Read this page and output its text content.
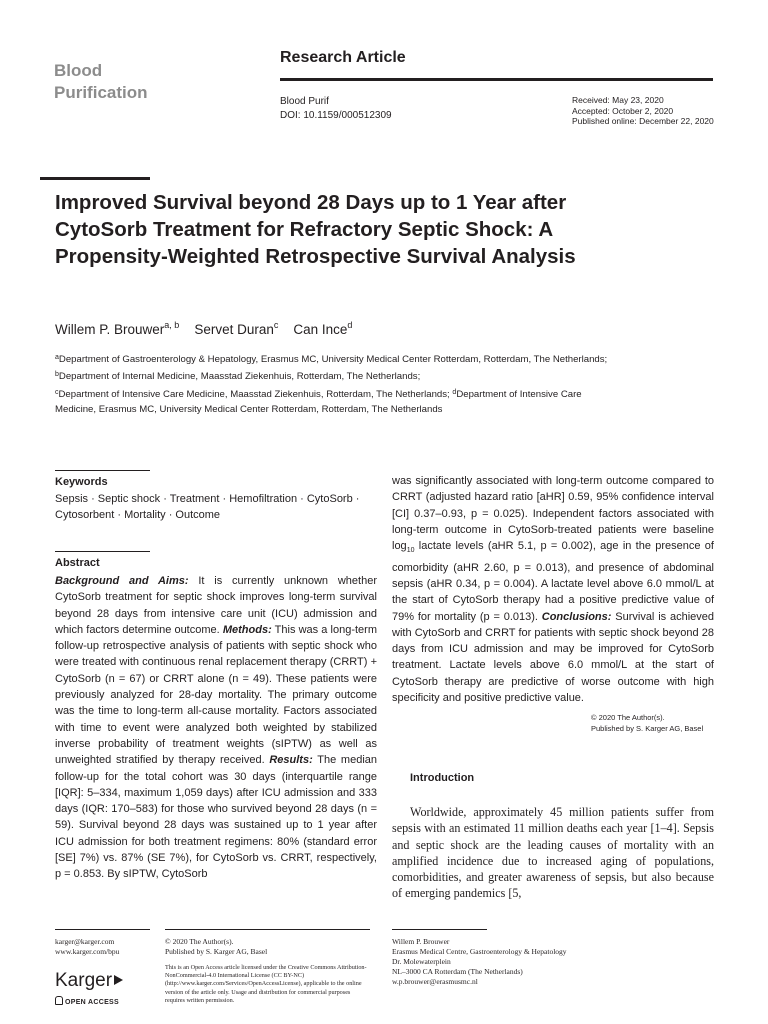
Blood
Purification
Research Article
Blood Purif
DOI: 10.1159/000512309
Received: May 23, 2020
Accepted: October 2, 2020
Published online: December 22, 2020
Improved Survival beyond 28 Days up to 1 Year after CytoSorb Treatment for Refractory Septic Shock: A Propensity-Weighted Retrospective Survival Analysis
Willem P. Brouwer$^{a, b}$ Servet Duran$^c$ Can Ince$^d$
$^a$Department of Gastroenterology & Hepatology, Erasmus MC, University Medical Center Rotterdam, Rotterdam, The Netherlands; $^b$Department of Internal Medicine, Maasstad Ziekenhuis, Rotterdam, The Netherlands;
$^c$Department of Intensive Care Medicine, Maasstad Ziekenhuis, Rotterdam, The Netherlands; $^d$Department of Intensive Care Medicine, Erasmus MC, University Medical Center Rotterdam, Rotterdam, The Netherlands
Keywords
Sepsis · Septic shock · Treatment · Hemofiltration · CytoSorb · Cytosorbent · Mortality · Outcome
Abstract

Background and Aims: It is currently unknown whether CytoSorb treatment for septic shock improves long-term survival beyond 28 days from intensive care unit (ICU) admission and which factors determine outcome. Methods: This was a long-term follow-up retrospective analysis of patients with septic shock who were treated with continuous renal replacement therapy (CRRT) + CytoSorb (n = 67) or CRRT alone (n = 49). These patients were previously analyzed for 28-day mortality. The primary outcome was the time to long-term all-cause mortality. Factors associated with time to event were analyzed both weighted by stabilized inverse probability of treatment weights (sIPTW) as well as unweighted stratified by therapy received. Results: The median follow-up for the total cohort was 30 days (interquartile range [IQR]: 5–334, maximum 1,059 days) after ICU admission and 333 days (IQR: 170–583) for those who survived beyond 28 days (n = 59). Survival beyond 28 days was sustained up to 1 year after ICU admission for both treatment regimens: 80% (standard error [SE] 7%) vs. 87% (SE 7%), for CytoSorb vs. CRRT, respectively, p = 0.853. By sIPTW, CytoSorb

was significantly associated with long-term outcome compared to CRRT (adjusted hazard ratio [aHR] 0.59, 95% confidence interval [CI] 0.37–0.93, p = 0.025). Independent factors associated with long-term outcome in CytoSorb-treated patients were baseline $\log_{10}$ lactate levels (aHR 5.1, p = 0.002), age in the presence of comorbidity (aHR 2.60, p = 0.013), and presence of abdominal sepsis (aHR 0.34, p = 0.004). A lactate level above 6.0 mmol/L at the start of CytoSorb therapy had a positive predictive value of 79% for mortality (p = 0.013). Conclusions: Survival is achieved with CytoSorb and CRRT for patients with septic shock beyond 28 days from ICU admission and may be improved for CytoSorb treatment. Lactate levels above 6.0 mmol/L at the start of CytoSorb therapy are predictive of worse outcome with high specificity and positive predictive value.

© 2020 The Author(s).
Published by S. Karger AG, Basel
Introduction
Worldwide, approximately 45 million patients suffer from sepsis with an estimated 11 million deaths each year [1–4]. Sepsis and septic shock are the leading causes of mortality with an amplified incidence due to increased aging of populations, comorbidities, and greater awareness of sepsis, but also because of emerging pandemics [5,
karger@karger.com
www.karger.com/bpu
Karger
OPEN ACCESS
© 2020 The Author(s).
Published by S. Karger AG, Basel
This is an Open Access article licensed under the Creative Commons Attribution-NonCommercial-4.0 International License (CC BY-NC) (http://www.karger.com/Services/OpenAccessLicense), applicable to the online version of the article only. Usage and distribution for commercial purposes requires written permission.
Willem P. Brouwer
Erasmus Medical Centre, Gastroenterology & Hepatology
Dr. Molewaterplein
NL–3000 CA Rotterdam (The Netherlands)
w.p.brouwer@erasmusmc.nl
